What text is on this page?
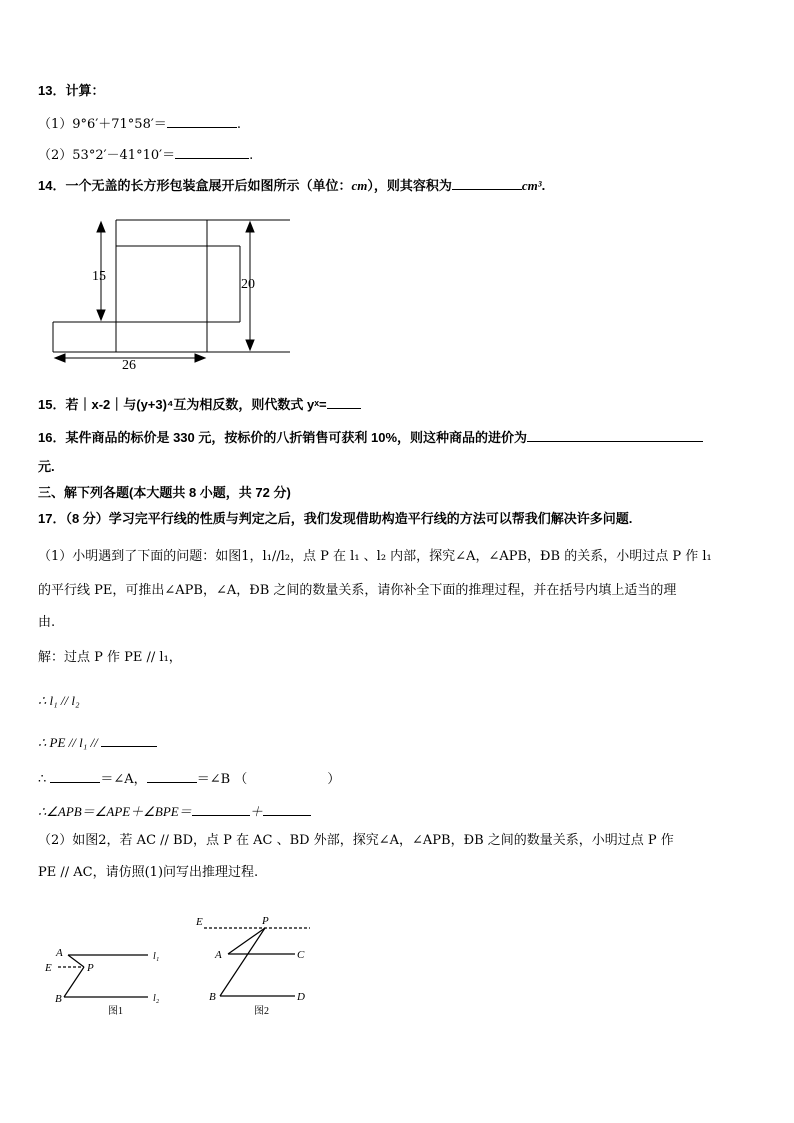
13．计算：
（1）9°6′＋71°58′＝	.
（2）53°2′－41°10′＝	.
14．一个无盖的长方形包装盒展开后如图所示（单位：cm），则其容积为	cm³.
15
20
26
15．若｜x-2｜与(y+3)⁴互为相反数，则代数式 yˣ=
16．某件商品的标价是 330 元，按标价的八折销售可获利 10%，则这种商品的进价为
元.
三、解下列各题(本大题共 8 小题，共 72 分)
17．（8 分）学习完平行线的性质与判定之后，我们发现借助构造平行线的方法可以帮我们解决许多问题.
（1）小明遇到了下面的问题：如图1，l₁//l₂，点 P 在 l₁ 、l₂ 内部，探究∠A，∠APB，ÐB 的关系，小明过点 P 作 l₁
的平行线 PE，可推出∠APB，∠A，ÐB 之间的数量关系，请你补全下面的推理过程，并在括号内填上适当的理
由.
解：过点 P 作 PE // l₁，
∴ l₁ // l₂
∴ PE // l₁ //
∴	＝∠A，	＝∠B （	）
∴∠APB＝∠APE＋∠BPE＝	＋
（2）如图2，若 AC // BD，点 P 在 AC 、BD 外部，探究∠A，∠APB，ÐB 之间的数量关系，小明过点 P 作
PE // AC，请仿照(1)问写出推理过程.
A
E	P
B
l₁
l₂
图1
E	P
A	C
B	D
图2
